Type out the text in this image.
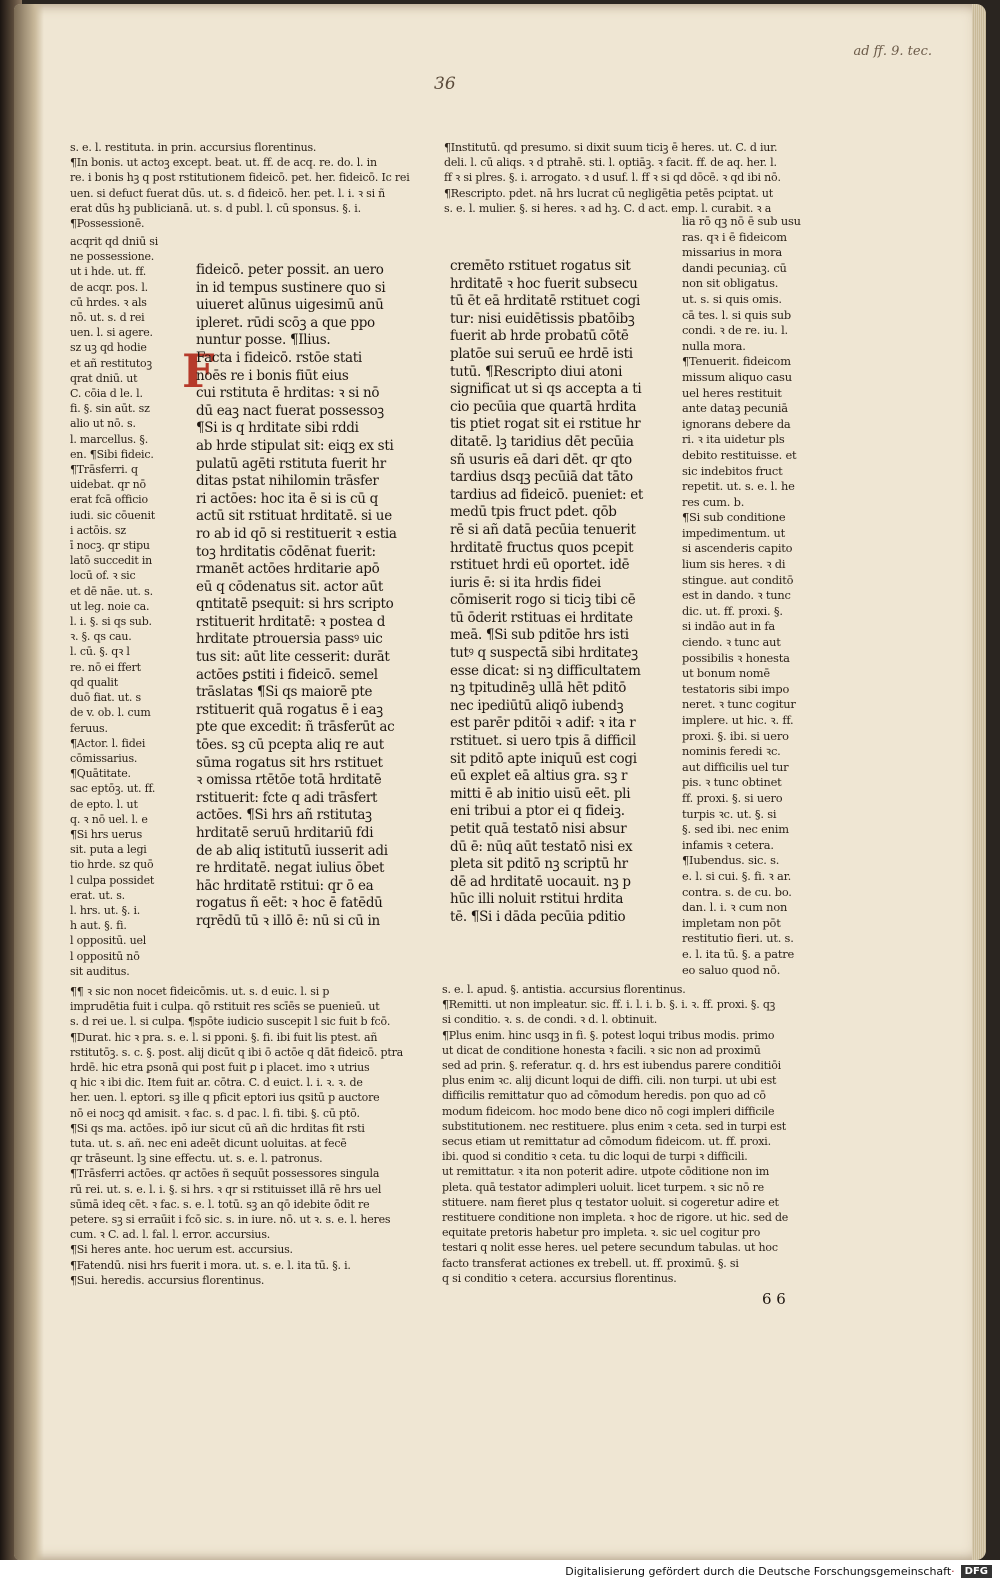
ad ff. 9. tec.
36
s. e. l. restituta. in prin. accursius florentinus.
¶In bonis. ut actoꝫ except. beat. ut. ff. de acq. re. do. l. in
re. i bonis hꝫ q post rstitutionem fideicō. pet. her. fideicō. Ic rei
uen. si defuct fuerat dūs. ut. s. d fideicō. her. pet. l. i. ꝛ si ñ
erat dūs hꝫ publicianā. ut. s. d publ. l. cū sponsus. §. i.
¶Possessionē.
¶Institutū. qd presumo. si dixit suum ticiꝫ ē heres. ut. C. d iur.
deli. l. cū aliqs. ꝛ d ptrahē. sti. l. optiāꝫ. ꝛ facit. ff. de aq. her. l.
ff ꝛ si plres. §. i. arrogato. ꝛ d usuf. l. ff ꝛ si qd dōcē. ꝛ qd ibi nō.
¶Rescripto. pdet. nā hrs lucrat cū negligētia petēs pciptat. ut
s. e. l. mulier. §. si heres. ꝛ ad hꝫ. C. d act. emp. l. curabit. ꝛ a
acqrit qd dniū si
ne possessione.
ut i hde. ut. ff.
de acqr. pos. l.
cū hrdes. ꝛ als
nō. ut. s. d rei
uen. l. si agere.
sz uꝫ qd hodie
et añ restitutoꝫ
qrat dniū. ut
C. cōia d le. l.
fi. §. sin aūt. sz
alio ut nō. s.
l. marcellus. §.
en. ¶Sibi fideic.
¶Trāsferri. q
uidebat. qr nō
erat fcā officio
iudi. sic cōuenit
i actōis. sz
ī nocꝫ. qr stipu
latō succedit in
locū of. ꝛ sic
et dē nāe. ut. s.
ut leg. noie ca.
l. i. §. si qs sub.
ꝛ. §. qs cau.
l. cū. §. qꝛ l
re. nō ei ffert
qd qualit
duō fiat. ut. s
de v. ob. l. cum
feruus.
¶Actor. l. fidei
cōmissarius.
¶Quātitate.
sac eptōꝫ. ut. ff.
de epto. l. ut
q. ꝛ nō uel. l. e
¶Si hrs uerus
sit. puta a legi
tio hrde. sz quō
l culpa possidet
erat. ut. s.
l. hrs. ut. §. i.
h aut. §. fi.
l oppositū. uel
l oppositū nō
sit auditus.
F
fideicō. peter possit. an uero
in id tempus sustinere quo si
uiueret alūnus uigesimū anū
ipleret. rūdi scōꝫ a que ppo
nuntur posse. ¶Ilius.
Facta i fideicō. rstōe stati
noēs re i bonis fiūt eius
cui rstituta ē hrditas: ꝛ si nō
dū eaꝫ nact fuerat possessoꝫ
¶Si is q hrditate sibi rddi
ab hrde stipulat sit: eiqꝫ ex sti
pulatū agēti rstituta fuerit hr
ditas pstat nihilomin trāsfer
ri actōes: hoc ita ē si is cū q
actū sit rstituat hrditatē. si ue
ro ab id qō si restituerit ꝛ estia
toꝫ hrditatis cōdēnat fuerit:
rmanēt actōes hrditarie apō
eū q cōdenatus sit. actor aūt
qntitatē psequit: si hrs scripto
rstituerit hrditatē: ꝛ postea d
hrditate ptrouersia passꝰ uic
tus sit: aūt lite cesserit: durāt
actōes ꝑstiti i fideicō. semel
trāslatas ¶Si qs maiorē pte
rstituerit quā rogatus ē i eaꝫ
pte que excedit: ñ trāsferūt ac
tōes. sꝫ cū pcepta aliq re aut
sūma rogatus sit hrs rstituet
ꝛ omissa rtētōe totā hrditatē
rstituerit: fcte q adi trāsfert
actōes. ¶Si hrs añ rstitutaꝫ
hrditatē seruū hrditariū fdi
de ab aliq istitutū iusserit adi
re hrditatē. negat iulius ōbet
hāc hrditatē rstitui: qr ō ea
rogatus ñ eēt: ꝛ hoc ē fatēdū
rqrēdū tū ꝛ illō ē: nū si cū in
cremēto rstituet rogatus sit
hrditatē ꝛ hoc fuerit subsecu
tū ēt eā hrditatē rstituet cogi
tur: nisi euidētissis pbatōibꝫ
fuerit ab hrde probatū cōtē
platōe sui seruū ee hrdē isti
tutū. ¶Rescripto diui atoni
significat ut si qs accepta a ti
cio pecūia que quartā hrdita
tis ptiet rogat sit ei rstitue hr
ditatē. lꝫ taridius dēt pecūia
sñ usuris eā dari dēt. qr qto
tardius dsqꝫ pecūiā dat tāto
tardius ad fideicō. pueniet: et
medū tpis fruct pdet. qōb
rē si añ datā pecūia tenuerit
hrditatē fructus quos pcepit
rstituet hrdi eū oportet. idē
iuris ē: si ita hrdis fidei
cōmiserit rogo si ticiꝫ tibi cē
tū ōderit rstituas ei hrditate
meā. ¶Si sub pditōe hrs isti
tutꝰ q suspectā sibi hrditateꝫ
esse dicat: si nꝫ difficultatem
nꝫ tpitudinēꝫ ullā hēt pditō
nec ipediūtū aliqō iubendꝫ
est parēr pditōi ꝛ adif: ꝛ ita r
rstituet. si uero tpis ā difficil
sit pditō apte iniquū est cogi
eū explet eā altius gra. sꝫ r
mitti ē ab initio uisū eēt. pli
eni tribui a ptor ei q fideiꝫ.
petit quā testatō nisi absur
dū ē: nūq aūt testatō nisi ex
pleta sit pditō nꝫ scriptū hr
dē ad hrditatē uocauit. nꝫ p
hūc illi noluit rstitui hrdita
tē. ¶Si i dāda pecūia pditio
lia rō qꝫ nō ē sub usu
ras. qꝛ i ē fideicom
missarius in mora
dandi pecuniaꝫ. cū
non sit obligatus.
ut. s. si quis omis.
cā tes. l. si quis sub
condi. ꝛ de re. iu. l.
nulla mora.
¶Tenuerit. fideicom
missum aliquo casu
uel heres restituit
ante dataꝫ pecuniā
ignorans debere da
ri. ꝛ ita uidetur pls
debito restituisse. et
sic indebitos fruct
repetit. ut. s. e. l. he
res cum. b.
¶Si sub conditione
impedimentum. ut
si ascenderis capito
lium sis heres. ꝛ di
stingue. aut conditō
est in dando. ꝛ tunc
dic. ut. ff. proxi. §.
si indāo aut in fa
ciendo. ꝛ tunc aut
possibilis ꝛ honesta
ut bonum nomē
testatoris sibi impo
neret. ꝛ tunc cogitur
implere. ut hic. ꝛ. ff.
proxi. §. ibi. si uero
nominis feredi ꝛc.
aut difficilis uel tur
pis. ꝛ tunc obtinet
ff. proxi. §. si uero
turpis ꝛc. ut. §. si
§. sed ibi. nec enim
infamis ꝛ cetera.
¶Iubendus. sic. s.
e. l. si cui. §. fi. ꝛ ar.
contra. s. de cu. bo.
dan. l. i. ꝛ cum non
impletam non pōt
restitutio fieri. ut. s.
e. l. ita tū. §. a patre
eo saluo quod nō.
¶¶ ꝛ sic non nocet fideicōmis. ut. s. d euic. l. si p
imprudētia fuit i culpa. qō rstituit res scīēs se puenieū. ut
s. d rei ue. l. si culpa. ¶spōte iudicio suscepit l sic fuit b fcō.
¶Durat. hic ꝛ pra. s. e. l. si pponi. §. fi. ibi fuit lis ptest. añ
rstitutōꝫ. s. c. §. post. alij dicūt q ibi ō actōe q dāt fideicō. ptra
hrdē. hic etra ꝑsonā qui post fuit ꝑ i placet. imo ꝛ utrius
q hic ꝛ ibi dic. Item fuit ar. cōtra. C. d euict. l. i. ꝛ. ꝛ. de
her. uen. l. eptori. sꝫ ille q pficit eptori ius qsitū p auctore
nō ei nocꝫ qd amisit. ꝛ fac. s. d pac. l. fi. tibi. §. cū ptō.
¶Si qs ma. actōes. ipō iur sicut cū añ dic hrditas fit rsti
tuta. ut. s. añ. nec eni adeēt dicunt uoluitas. at fecē
qr trāseunt. lꝫ sine effectu. ut. s. e. l. patronus.
¶Trāsferri actōes. qr actōes ñ sequūt possessores singula
rū rei. ut. s. e. l. i. §. si hrs. ꝛ qr si rstituisset illā rē hrs uel
sūmā ideq cēt. ꝛ fac. s. e. l. totū. sꝫ an qō idebite ōdit re
petere. sꝫ si erraūit i fcō sic. s. in iure. nō. ut ꝛ. s. e. l. heres
cum. ꝛ C. ad. l. fal. l. error. accursius.
¶Si heres ante. hoc uerum est. accursius.
¶Fatendū. nisi hrs fuerit i mora. ut. s. e. l. ita tū. §. i.
¶Sui. heredis. accursius florentinus.
s. e. l. apud. §. antistia. accursius florentinus.
¶Remitti. ut non impleatur. sic. ff. i. l. i. b. §. i. ꝛ. ff. proxi. §. qꝫ
si conditio. ꝛ. s. de condi. ꝛ d. l. obtinuit.
¶Plus enim. hinc usqꝫ in fi. §. potest loqui tribus modis. primo
ut dicat de conditione honesta ꝛ facili. ꝛ sic non ad proximū
sed ad prin. §. referatur. q. d. hrs est iubendus parere conditiōi
plus enim ꝛc. alij dicunt loqui de diffi. cili. non turpi. ut ubi est
difficilis remittatur quo ad cōmodum heredis. pon quo ad cō
modum fideicom. hoc modo bene dico nō cogi impleri difficile
substitutionem. nec restituere. plus enim ꝛ ceta. sed in turpi est
secus etiam ut remittatur ad cōmodum fideicom. ut. ff. proxi.
ibi. quod si conditio ꝛ ceta. tu dic loqui de turpi ꝛ difficili.
ut remittatur. ꝛ ita non poterit adire. utpote cōditione non im
pleta. quā testator adimpleri uoluit. licet turpem. ꝛ sic nō re
stituere. nam fieret plus q testator uoluit. si cogeretur adire et
restituere conditione non impleta. ꝛ hoc de rigore. ut hic. sed de
equitate pretoris habetur pro impleta. ꝛ. sic uel cogitur pro
testari q nolit esse heres. uel petere secundum tabulas. ut hoc
facto transferat actiones ex trebell. ut. ff. proximū. §. si
q si conditio ꝛ cetera. accursius florentinus.
6 6
Digitalisierung gefördert durch die Deutsche Forschungsgemeinschaft ·	DFG
